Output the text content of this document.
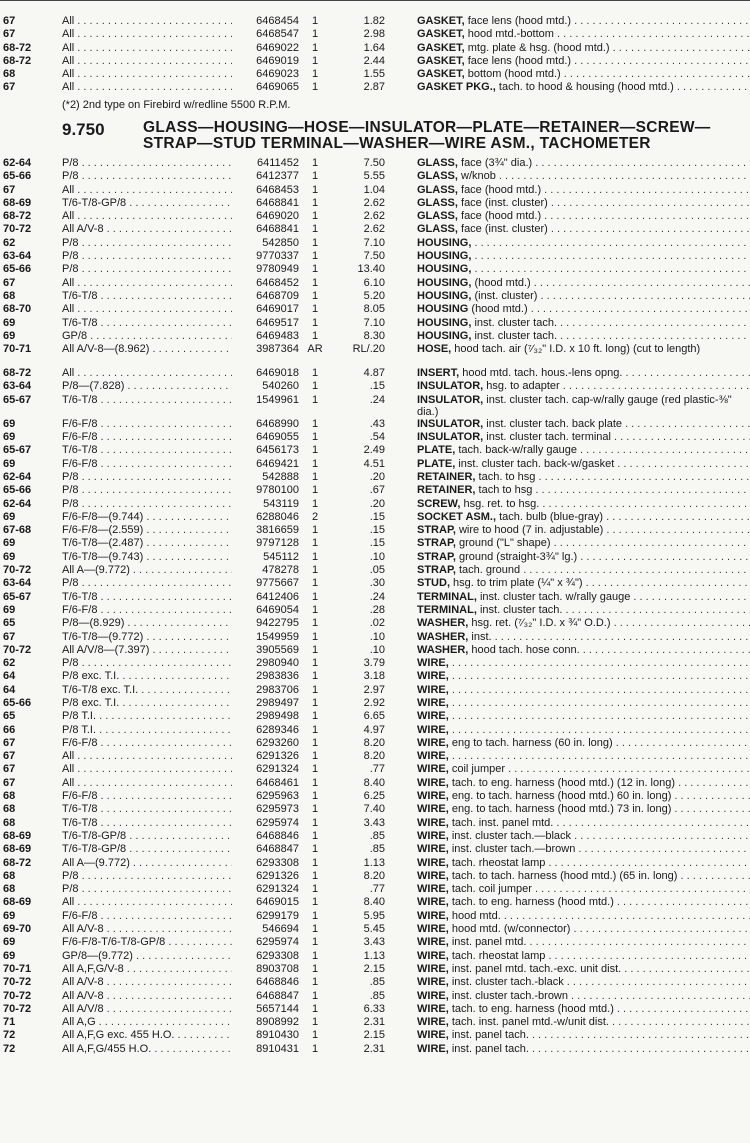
67	All . . .	6468454	1	1.82	GASKET, face lens (hood mtd.) . . .
67	All . . .	6468547	1	2.98	GASKET, hood mtd.-bottom . . .
68-72	All . . .	6469022	1	1.64	GASKET, mtg. plate & hsg. (hood mtd.) . . .
68-72	All . . .	6469019	1	2.44	GASKET, face lens (hood mtd.) . . .
68	All . . .	6469023	1	1.55	GASKET, bottom (hood mtd.) . . .
67	All . . .	6469065	1	2.87	GASKET PKG., tach. to hood & housing (hood mtd.) . . .
(*2) 2nd type on Firebird w/redline 5500 R.P.M.
9.750 GLASS—HOUSING—HOSE—INSULATOR—PLATE—RETAINER—SCREW—STRAP—STUD TERMINAL—WASHER—WIRE ASM., TACHOMETER
62-64	P/8 . . .	6411452	1	7.50	GLASS, face (3¾" dia.) . . .
65-66	P/8 . . .	6412377	1	5.55	GLASS, w/knob . . .
67	All . . .	6468453	1	1.04	GLASS, face (hood mtd.) . . .
68-69	T/6-T/8-GP/8 . . .	6468841	1	2.62	GLASS, face (inst. cluster) . . .
68-72	All . . .	6469020	1	2.62	GLASS, face (hood mtd.) . . .
70-72	All A/V-8 . . .	6468841	1	2.62	GLASS, face (inst. cluster) . . .
62	P/8 . . .	542850	1	7.10	HOUSING, . . .
63-64	P/8 . . .	9770337	1	7.50	HOUSING, . . .
65-66	P/8 . . .	9780949	1	13.40	HOUSING, . . .
67	All . . .	6468452	1	6.10	HOUSING, (hood mtd.) . . .
68	T/6-T/8 . . .	6468709	1	5.20	HOUSING, (inst. cluster) . . .
68-70	All . . .	6469017	1	8.05	HOUSING (hood mtd.) . . .
69	T/6-T/8 . . .	6469517	1	7.10	HOUSING, inst. cluster tach. . . .
69	GP/8 . . .	6469483	1	8.30	HOUSING, inst. cluster tach. . . .
70-71	All A/V-8—(8.962) . . .	3987364 AR	RL/.20	HOSE, hood tach. air (⁷⁄₃₂" I.D. x 10 ft. long) (cut to length)
68-72	All . . .	6469018	1	4.87	INSERT, hood mtd. tach. hous.-lens opng. . . .
63-64	P/8—(7.828) . . .	540260	1	.15	INSULATOR, hsg. to adapter . . .
65-67	T/6-T/8 . . .	1549961	1	.24	INSULATOR, inst. cluster tach. cap-w/rally gauge (red plastic-⅜" dia.)
69	F/6-F/8 . . .	6468990	1	.43	INSULATOR, inst. cluster tach. back plate . . .
69	F/6-F/8 . . .	6469055	1	.54	INSULATOR, inst. cluster tach. terminal . . .
65-67	T/6-T/8 . . .	6456173	1	2.49	PLATE, tach. back-w/rally gauge . . .
69	F/6-F/8 . . .	6469421	1	4.51	PLATE, inst. cluster tach. back-w/gasket . . .
62-64	P/8 . . .	542888	1	.20	RETAINER, tach. to hsg . . .
65-66	P/8 . . .	9780100	1	.67	RETAINER, tach to hsg . . .
62-64	P/8 . . .	543119	1	.20	SCREW, hsg. ret. to hsg. . . .
69	F/6-F/8—(9.744) . . .	6288046	2	.15	SOCKET ASM., tach. bulb (blue-gray) . . .
67-68	F/6-F/8—(2.559) . . .	3816659	1	.15	STRAP, wire to hood (7 in. adjustable) . . .
69	T/6-T/8—(2.487) . . .	9797128	1	.15	STRAP, ground ("L" shape) . . .
69	T/6-T/8—(9.743) . . .	545112	1	.10	STRAP, ground (straight-3¾" lg.) . . .
70-72	All A—(9.772) . . .	478278	1	.05	STRAP, tach. ground . . .
63-64	P/8 . . .	9775667	1	.30	STUD, hsg. to trim plate (¼" x ¾") . . .
65-67	T/6-T/8 . . .	6412406	1	.24	TERMINAL, inst. cluster tach. w/rally gauge . . .
69	F/6-F/8 . . .	6469054	1	.28	TERMINAL, inst. cluster tach. . . .
65	P/8—(8.929) . . .	9422795	1	.02	WASHER, hsg. ret. (⁷⁄₃₂" I.D. x ¾" O.D.) . . .
67	T/6-T/8—(9.772) . . .	1549959	1	.10	WASHER, inst. . . .
70-72	All A/V/8—(7.397) . . .	3905569	1	.10	WASHER, hood tach. hose conn. . . .
62	P/8 . . .	2980940	1	3.79	WIRE, . . .
64	P/8 exc. T.I. . . .	2983836	1	3.18	WIRE, . . .
64	T/6-T/8 exc. T.I. . . .	2983706	1	2.97	WIRE, . . .
65-66	P/8 exc. T.I. . . .	2989497	1	2.92	WIRE, . . .
65	P/8 T.I. . . .	2989498	1	6.65	WIRE, . . .
66	P/8 T.I. . . .	6289346	1	4.97	WIRE, . . .
67	F/6-F/8 . . .	6293260	1	8.20	WIRE, eng to tach. harness (60 in. long) . . .
67	All . . .	6291326	1	8.20	WIRE, . . .
67	All . . .	6291324	1	.77	WIRE, coil jumper . . .
67	All . . .	6468461	1	8.40	WIRE, tach. to eng. harness (hood mtd.) (12 in. long) . . .
68	F/6-F/8 . . .	6295963	1	6.25	WIRE, eng. to tach. harness (hood mtd.) 60 in. long) . . .
68	T/6-T/8 . . .	6295973	1	7.40	WIRE, eng. to tach. harness (hood mtd.) 73 in. long) . . .
68	T/6-T/8 . . .	6295974	1	3.43	WIRE, tach. inst. panel mtd. . . .
68-69	T/6-T/8-GP/8 . . .	6468846	1	.85	WIRE, inst. cluster tach.—black . . .
68-69	T/6-T/8-GP/8 . . .	6468847	1	.85	WIRE, inst. cluster tach.—brown . . .
68-72	All A—(9.772) . . .	6293308	1	1.13	WIRE, tach. rheostat lamp . . .
68	P/8 . . .	6291326	1	8.20	WIRE, tach. to tach. harness (hood mtd.) (65 in. long) . . .
68	P/8 . . .	6291324	1	.77	WIRE, tach. coil jumper . . .
68-69	All . . .	6469015	1	8.40	WIRE, tach. to eng. harness (hood mtd.) . . .
69	F/6-F/8 . . .	6299179	1	5.95	WIRE, hood mtd. . . .
69-70	All A/V-8 . . .	546694	1	5.45	WIRE, hood mtd. (w/connector) . . .
69	F/6-F/8-T/6-T/8-GP/8 . . .	6295974	1	3.43	WIRE, inst. panel mtd. . . .
69	GP/8—(9.772) . . .	6293308	1	1.13	WIRE, tach. rheostat lamp . . .
70-71	All A,F,G/V-8 . . .	8903708	1	2.15	WIRE, inst. panel mtd. tach.-exc. unit dist. . . .
70-72	All A/V-8 . . .	6468846	1	.85	WIRE, inst. cluster tach.-black . . .
70-72	All A/V-8 . . .	6468847	1	.85	WIRE, inst. cluster tach.-brown . . .
70-72	All A/V/8 . . .	5657144	1	6.33	WIRE, tach. to eng. harness (hood mtd.) . . .
71	All A,G . . .	8908992	1	2.31	WIRE, tach. inst. panel mtd.-w/unit dist. . . .
72	All A,F,G exc. 455 H.O. . . .	8910430	1	2.15	WIRE, inst. panel tach. . . .
72	All A,F,G/455 H.O. . . .	8910431	1	2.31	WIRE, inst. panel tach. . . .
